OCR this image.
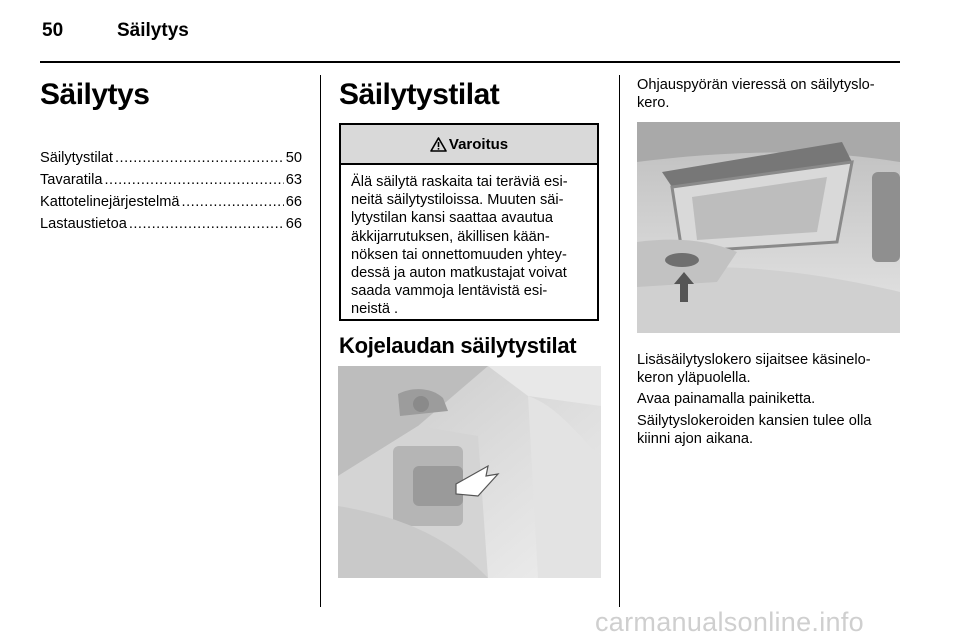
50	Säilytys
Säilytys
Säilytystilat .....	50
Tavaratila .....	63
Kattotelinejärjestelmä .....	66
Lastaustietoa .....	66
Säilytystilat
Varoitus
Älä säilytä raskaita tai teräviä esi-
neitä säilytystiloissa. Muuten säi-
lytystilan kansi saattaa avautua
äkkijarrutuksen, äkillisen kään-
nöksen tai onnettomuuden yhtey-
dessä ja auton matkustajat voivat
saada vammoja lentävistä esi-
neistä .
Kojelaudan säilytystilat
Ohjauspyörän vieressä on säilytyslo-
kero.
Lisäsäilytyslokero sijaitsee käsinelo-
keron yläpuolella.
Avaa painamalla painiketta.
Säilytyslokeroiden kansien tulee olla
kiinni ajon aikana.
carmanualsonline.info
